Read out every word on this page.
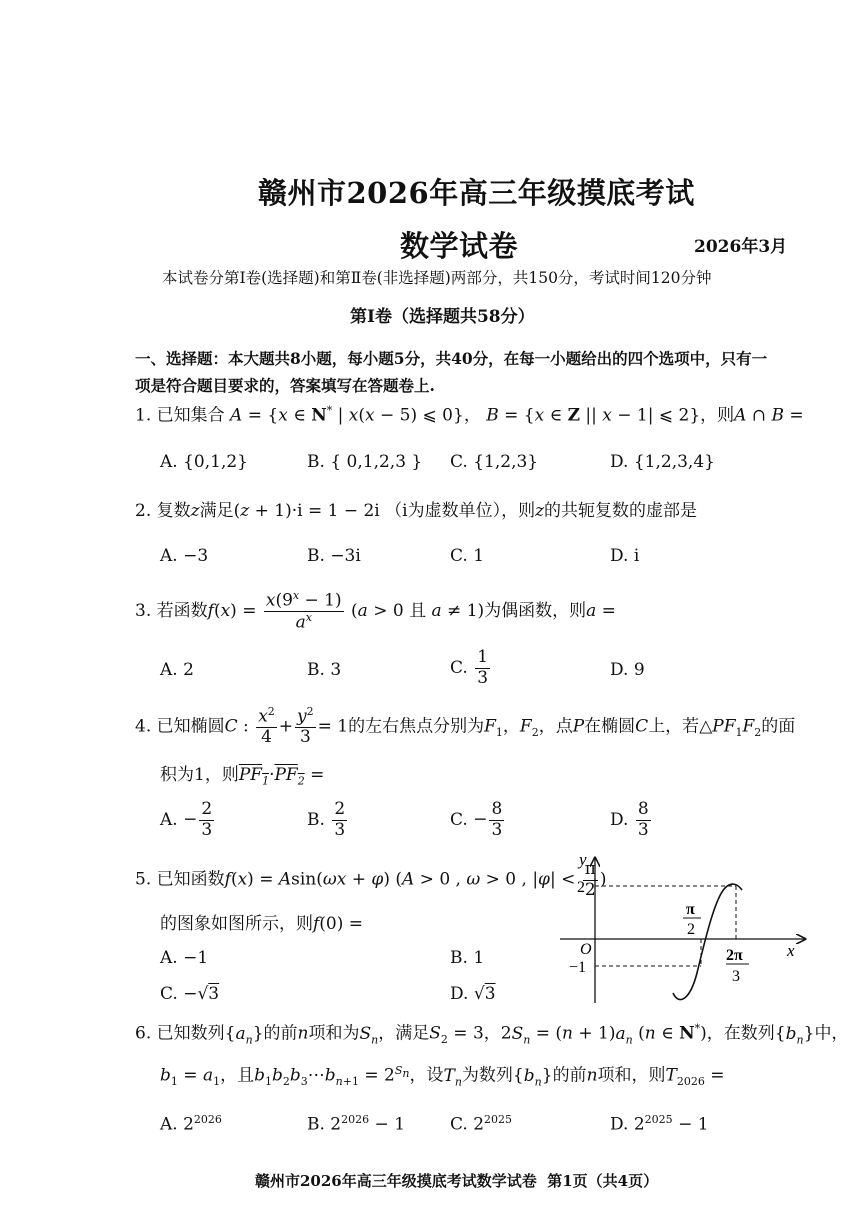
赣州市2026年高三年级摸底考试
数学试卷	2026年3月
本试卷分第Ⅰ卷(选择题)和第Ⅱ卷(非选择题)两部分，共150分，考试时间120分钟
第Ⅰ卷（选择题共58分）
一、选择题：本大题共8小题，每小题5分，共40分，在每一小题给出的四个选项中，只有一
项是符合题目要求的，答案填写在答题卷上.
1. 已知集合 A = {x ∈ N* | x(x − 5) ⩽ 0}， B = {x ∈ Z || x − 1| ⩽ 2}，则A ∩ B =
A. {0,1,2}	B. { 0,1,2,3 } C. {1,2,3}	D. {1,2,3,4}
2. 复数z满足(z + 1)·i = 1 − 2i （i为虚数单位），则z的共轭复数的虚部是
A. −3	B. −3i	C. 1	D. i
3. 若函数$f(x) = \frac{x(9^x - 1)}{a^x} (a > 0$ 且 a ≠ 1)为偶函数，则a =
A. 2	B. 3	C. $\frac{1}{3}$	D. 9
4. 已知椭圆C : $\frac{x^2}{4} + \frac{y^2}{3} = 1$的左右焦点分别为$F_1$，$F_2$，点P在椭圆C上，若$\triangle PF_1F_2$的面
积为1，则$PF_1\cdot PF_2$ =
A. − $\frac{2}{3}$	B. $\frac{2}{3}$	C. − $\frac{8}{3}$	D. $\frac{8}{3}$
5. 已知函数f(x) = Asin(ωx + φ) (A > 0 , ω > 0 , $|\varphi| < \frac{\pi}{2}$ )
的图象如图所示，则f(0) =
A. −1	B. 1
C. −√3	D. √3
y
x
O
2
−1
π
2
2π
3
6. 已知数列$\{a_n\}$的前n项和为$S_n$，满足$S_2 = 3$，$2S_n = (n + 1)a_n$ (n ∈ N*)，在数列$\{b_n\}$中，
$b_1 = a_1$，且$b_1b_2b_3\cdots b_{n+1} = 2^{S_n}$，设$T_n$为数列$\{b_n\}$的前n项和，则$T_{2026}$ =
A. $2^{2026}$	B. $2^{2026} - 1$	C. $2^{2025}$	D. $2^{2025} - 1$
赣州市2026年高三年级摸底考试数学试卷 第1页（共4页）
